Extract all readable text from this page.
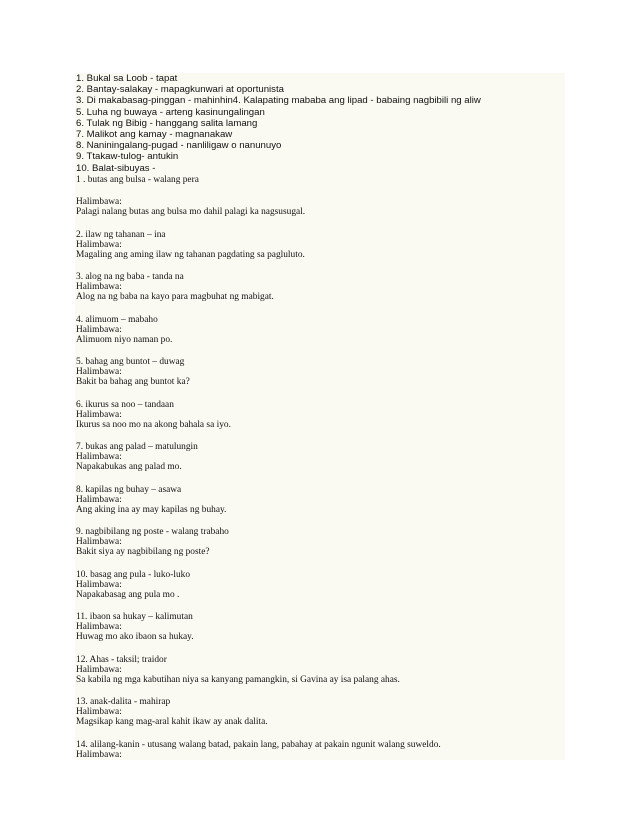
1. Bukal sa Loob - tapat
2. Bantay-salakay - mapagkunwari at oportunista
3. Di makabasag-pinggan - mahinhin4. Kalapating mababa ang lipad - babaing nagbibili ng aliw
5. Luha ng buwaya - arteng kasinungalingan
6. Tulak ng Bibig - hanggang salita lamang
7. Malikot ang kamay - magnanakaw
8. Naniningalang-pugad - nanliligaw o nanunuyo
9. Ttakaw-tulog- antukin
10. Balat-sibuyas -
1 . butas ang bulsa - walang pera
Halimbawa:
Palagi nalang butas ang bulsa mo dahil palagi ka nagsusugal.
2. ilaw ng tahanan – ina
Halimbawa:
Magaling ang aming ilaw ng tahanan pagdating sa pagluluto.
3. alog na ng baba - tanda na
Halimbawa:
Alog na ng baba na kayo para magbuhat ng mabigat.
4. alimuom – mabaho
Halimbawa:
Alimuom niyo naman po.
5. bahag ang buntot – duwag
Halimbawa:
Bakit ba bahag ang buntot ka?
6. ikurus sa noo – tandaan
Halimbawa:
Ikurus sa noo mo na akong bahala sa iyo.
7. bukas ang palad – matulungin
Halimbawa:
Napakabukas ang palad mo.
8. kapilas ng buhay – asawa
Halimbawa:
Ang aking ina ay may kapilas ng buhay.
9. nagbibilang ng poste - walang trabaho
Halimbawa:
Bakit siya ay nagbibilang ng poste?
10. basag ang pula - luko-luko
Halimbawa:
Napakabasag ang pula mo .
11. ibaon sa hukay – kalimutan
Halimbawa:
Huwag mo ako ibaon sa hukay.
12. Ahas - taksil; traidor
Halimbawa:
Sa kabila ng mga kabutihan niya sa kanyang pamangkin, si Gavina ay isa palang ahas.
13. anak-dalita - mahirap
Halimbawa:
Magsikap kang mag-aral kahit ikaw ay anak dalita.
14. alilang-kanin - utusang walang batad, pakain lang, pabahay at pakain ngunit walang suweldo.
Halimbawa:
